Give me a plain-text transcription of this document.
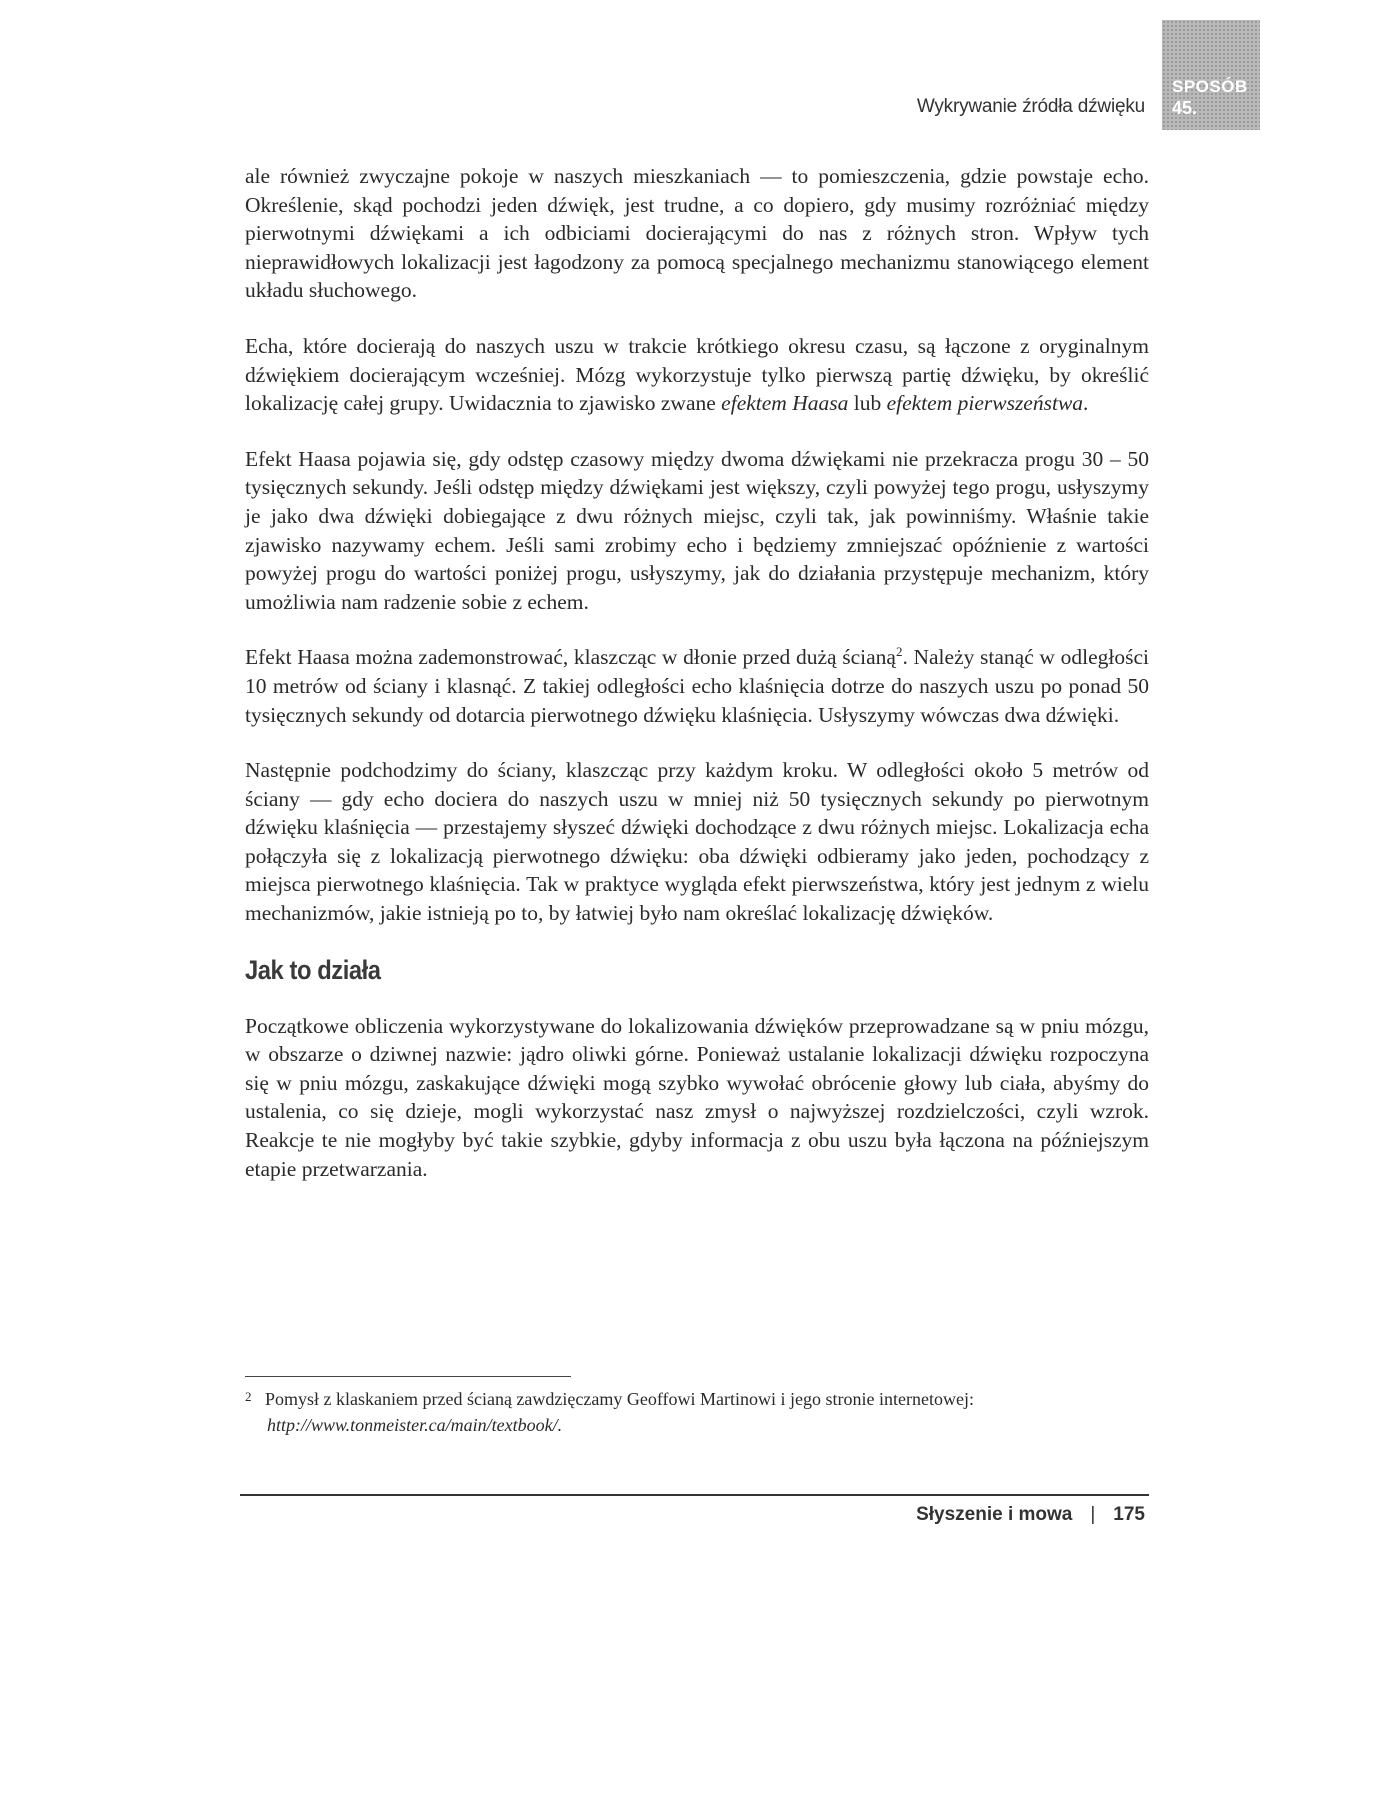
Wykrywanie źródła dźwięku
SPOSÓB
45.

ale również zwyczajne pokoje w naszych mieszkaniach — to pomieszczenia, gdzie powstaje echo. Określenie, skąd pochodzi jeden dźwięk, jest trudne, a co dopiero, gdy musimy rozróżniać między pierwotnymi dźwiękami a ich odbiciami docierającymi do nas z różnych stron. Wpływ tych nieprawidłowych lokalizacji jest łagodzony za pomocą specjalnego mechanizmu stanowiącego element układu słuchowego.

Echa, które docierają do naszych uszu w trakcie krótkiego okresu czasu, są łączone z oryginalnym dźwiękiem docierającym wcześniej. Mózg wykorzystuje tylko pierwszą partię dźwięku, by określić lokalizację całej grupy. Uwidacznia to zjawisko zwane efektem Haasa lub efektem pierwszeństwa.

Efekt Haasa pojawia się, gdy odstęp czasowy między dwoma dźwiękami nie przekracza progu 30 – 50 tysięcznych sekundy. Jeśli odstęp między dźwiękami jest większy, czyli powyżej tego progu, usłyszymy je jako dwa dźwięki dobiegające z dwu różnych miejsc, czyli tak, jak powinniśmy. Właśnie takie zjawisko nazywamy echem. Jeśli sami zrobimy echo i będziemy zmniejszać opóźnienie z wartości powyżej progu do wartości poniżej progu, usłyszymy, jak do działania przystępuje mechanizm, który umożliwia nam radzenie sobie z echem.

Efekt Haasa można zademonstrować, klaszcząc w dłonie przed dużą ścianą$^2$. Należy stanąć w odległości 10 metrów od ściany i klasnąć. Z takiej odległości echo klaśnięcia dotrze do naszych uszu po ponad 50 tysięcznych sekundy od dotarcia pierwotnego dźwięku klaśnięcia. Usłyszymy wówczas dwa dźwięki.

Następnie podchodzimy do ściany, klaszcząc przy każdym kroku. W odległości około 5 metrów od ściany — gdy echo dociera do naszych uszu w mniej niż 50 tysięcznych sekundy po pierwotnym dźwięku klaśnięcia — przestajemy słyszeć dźwięki dochodzące z dwu różnych miejsc. Lokalizacja echa połączyła się z lokalizacją pierwotnego dźwięku: oba dźwięki odbieramy jako jeden, pochodzący z miejsca pierwotnego klaśnięcia. Tak w praktyce wygląda efekt pierwszeństwa, który jest jednym z wielu mechanizmów, jakie istnieją po to, by łatwiej było nam określać lokalizację dźwięków.

Jak to działa

Początkowe obliczenia wykorzystywane do lokalizowania dźwięków przeprowadzane są w pniu mózgu, w obszarze o dziwnej nazwie: jądro oliwki górne. Ponieważ ustalanie lokalizacji dźwięku rozpoczyna się w pniu mózgu, zaskakujące dźwięki mogą szybko wywołać obrócenie głowy lub ciała, abyśmy do ustalenia, co się dzieje, mogli wykorzystać nasz zmysł o najwyższej rozdzielczości, czyli wzrok. Reakcje te nie mogłyby być takie szybkie, gdyby informacja z obu uszu była łączona na późniejszym etapie przetwarzania.

2 Pomysł z klaskaniem przed ścianą zawdzięczamy Geoffowi Martinowi i jego stronie internetowej:
http://www.tonmeister.ca/main/textbook/.
Słyszenie i mowa | 175
